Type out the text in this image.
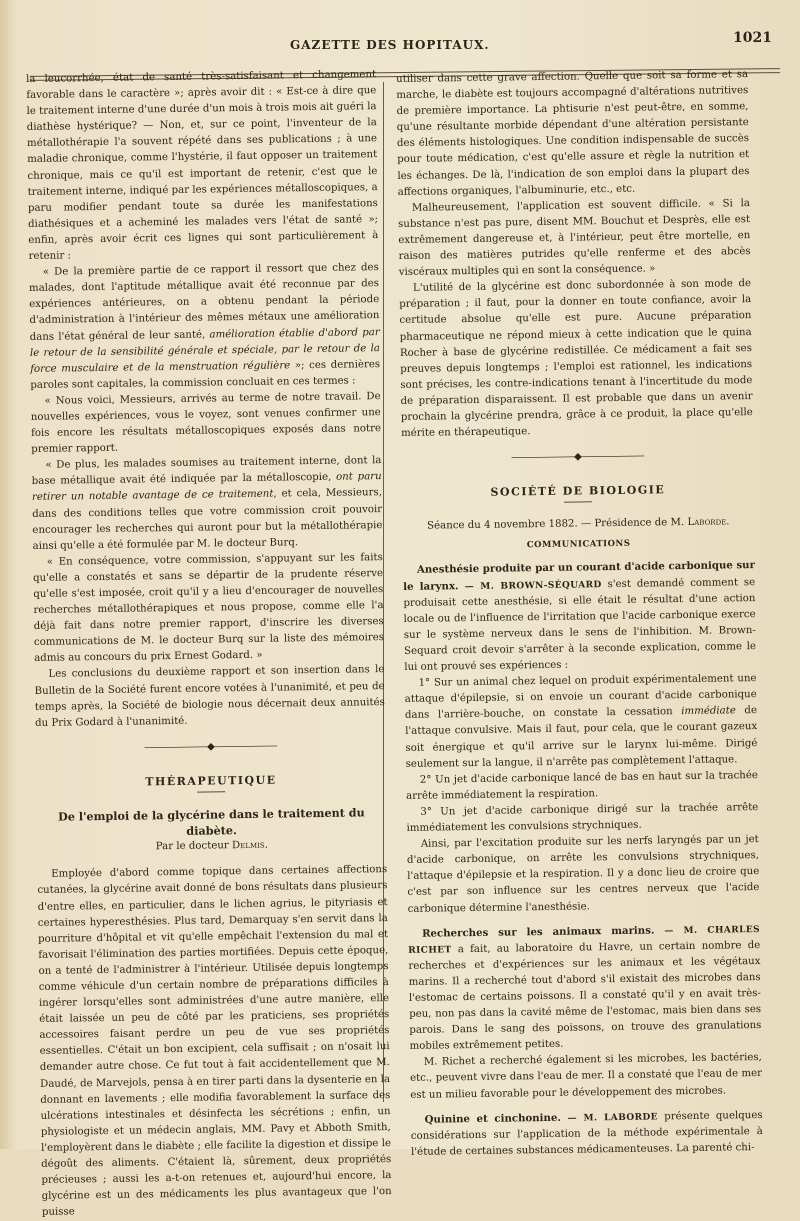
GAZETTE DES HOPITAUX.	1021

la leucorrhée, état de santé très-satisfaisant et changement favorable dans le caractère »; après avoir dit : « Est-ce à dire que le traitement interne d'une durée d'un mois à trois mois ait guéri la diathèse hystérique? — Non, et, sur ce point, l'inventeur de la métallothérapie l'a souvent répété dans ses publications ; à une maladie chronique, comme l'hystérie, il faut opposer un traitement chronique, mais ce qu'il est important de retenir, c'est que le traitement interne, indiqué par les expériences métalloscopiques, a paru modifier pendant toute sa durée les manifestations diathésiques et a acheminé les malades vers l'état de santé »; enfin, après avoir écrit ces lignes qui sont particulièrement à retenir :

« De la première partie de ce rapport il ressort que chez des malades, dont l'aptitude métallique avait été reconnue par des expériences antérieures, on a obtenu pendant la période d'administration à l'intérieur des mêmes métaux une amélioration dans l'état général de leur santé, amélioration établie d'abord par le retour de la sensibilité générale et spéciale, par le retour de la force musculaire et de la menstruation régulière »; ces dernières paroles sont capitales, la commission concluait en ces termes :

« Nous voici, Messieurs, arrivés au terme de notre travail. De nouvelles expériences, vous le voyez, sont venues confirmer une fois encore les résultats métalloscopiques exposés dans notre premier rapport.

« De plus, les malades soumises au traitement interne, dont la base métallique avait été indiquée par la métalloscopie, ont paru retirer un notable avantage de ce traitement, et cela, Messieurs, dans des conditions telles que votre commission croit pouvoir encourager les recherches qui auront pour but la métallothérapie ainsi qu'elle a été formulée par M. le docteur Burq.

« En conséquence, votre commission, s'appuyant sur les faits qu'elle a constatés et sans se départir de la prudente réserve qu'elle s'est imposée, croit qu'il y a lieu d'encourager de nouvelles recherches métallothérapiques et nous propose, comme elle l'a déjà fait dans notre premier rapport, d'inscrire les diverses communications de M. le docteur Burq sur la liste des mémoires admis au concours du prix Ernest Godard. »

Les conclusions du deuxième rapport et son insertion dans le Bulletin de la Société furent encore votées à l'unanimité, et peu de temps après, la Société de biologie nous décernait deux annuités du Prix Godard à l'unanimité.

———————◆———————
THÉRAPEUTIQUE
De l'emploi de la glycérine dans le traitement du diabète.
Par le docteur Delmis.

Employée d'abord comme topique dans certaines affections cutanées, la glycérine avait donné de bons résultats dans plusieurs d'entre elles, en particulier, dans le lichen agrius, le pityriasis et certaines hyperesthésies. Plus tard, Demarquay s'en servit dans la pourriture d'hôpital et vit qu'elle empêchait l'extension du mal et favorisait l'élimination des parties mortifiées. Depuis cette époque, on a tenté de l'administrer à l'intérieur. Utilisée depuis longtemps comme véhicule d'un certain nombre de préparations difficiles à ingérer lorsqu'elles sont administrées d'une autre manière, elle était laissée un peu de côté par les praticiens, ses propriétés accessoires faisant perdre un peu de vue ses propriétés essentielles. C'était un bon excipient, cela suffisait ; on n'osait lui demander autre chose. Ce fut tout à fait accidentellement que M. Daudé, de Marvejols, pensa à en tirer parti dans la dysenterie en la donnant en lavements ; elle modifia favorablement la surface des ulcérations intestinales et désinfecta les sécrétions ; enfin, un physiologiste et un médecin anglais, MM. Pavy et Abboth Smith, l'employèrent dans le diabète ; elle facilite la digestion et dissipe le dégoût des aliments. C'étaient là, sûrement, deux propriétés précieuses ; aussi les a-t-on retenues et, aujourd'hui encore, la glycérine est un des médicaments les plus avantageux que l'on puisse

utiliser dans cette grave affection. Quelle que soit sa forme et sa marche, le diabète est toujours accompagné d'altérations nutritives de première importance. La phtisurie n'est peut-être, en somme, qu'une résultante morbide dépendant d'une altération persistante des éléments histologiques. Une condition indispensable de succès pour toute médication, c'est qu'elle assure et règle la nutrition et les échanges. De là, l'indication de son emploi dans la plupart des affections organiques, l'albuminurie, etc., etc.

Malheureusement, l'application est souvent difficile. « Si la substance n'est pas pure, disent MM. Bouchut et Desprès, elle est extrêmement dangereuse et, à l'intérieur, peut être mortelle, en raison des matières putrides qu'elle renferme et des abcès viscéraux multiples qui en sont la conséquence. »

L'utilité de la glycérine est donc subordonnée à son mode de préparation ; il faut, pour la donner en toute confiance, avoir la certitude absolue qu'elle est pure. Aucune préparation pharmaceutique ne répond mieux à cette indication que le quina Rocher à base de glycérine redistillée. Ce médicament a fait ses preuves depuis longtemps ; l'emploi est rationnel, les indications sont précises, les contre-indications tenant à l'incertitude du mode de préparation disparaissent. Il est probable que dans un avenir prochain la glycérine prendra, grâce à ce produit, la place qu'elle mérite en thérapeutique.

———————◆———————
SOCIÉTÉ DE BIOLOGIE
Séance du 4 novembre 1882. — Présidence de M. Laborde.
COMMUNICATIONS

Anesthésie produite par un courant d'acide carbonique sur le larynx. — M. BROWN-SÉQUARD s'est demandé comment se produisait cette anesthésie, si elle était le résultat d'une action locale ou de l'influence de l'irritation que l'acide carbonique exerce sur le système nerveux dans le sens de l'inhibition. M. Brown-Sequard croit devoir s'arrêter à la seconde explication, comme le lui ont prouvé ses expériences :

1° Sur un animal chez lequel on produit expérimentalement une attaque d'épilepsie, si on envoie un courant d'acide carbonique dans l'arrière-bouche, on constate la cessation immédiate de l'attaque convulsive. Mais il faut, pour cela, que le courant gazeux soit énergique et qu'il arrive sur le larynx lui-même. Dirigé seulement sur la langue, il n'arrête pas complètement l'attaque.

2° Un jet d'acide carbonique lancé de bas en haut sur la trachée arrête immédiatement la respiration.

3° Un jet d'acide carbonique dirigé sur la trachée arrête immédiatement les convulsions strychniques.

Ainsi, par l'excitation produite sur les nerfs laryngés par un jet d'acide carbonique, on arrête les convulsions strychniques, l'attaque d'épilepsie et la respiration. Il y a donc lieu de croire que c'est par son influence sur les centres nerveux que l'acide carbonique détermine l'anesthésie.

Recherches sur les animaux marins. — M. CHARLES RICHET a fait, au laboratoire du Havre, un certain nombre de recherches et d'expériences sur les animaux et les végétaux marins. Il a recherché tout d'abord s'il existait des microbes dans l'estomac de certains poissons. Il a constaté qu'il y en avait très-peu, non pas dans la cavité même de l'estomac, mais bien dans ses parois. Dans le sang des poissons, on trouve des granulations mobiles extrêmement petites.

M. Richet a recherché également si les microbes, les bactéries, etc., peuvent vivre dans l'eau de mer. Il a constaté que l'eau de mer est un milieu favorable pour le développement des microbes.

Quinine et cinchonine. — M. LABORDE présente quelques considérations sur l'application de la méthode expérimentale à l'étude de certaines substances médicamenteuses. La parenté chi-
